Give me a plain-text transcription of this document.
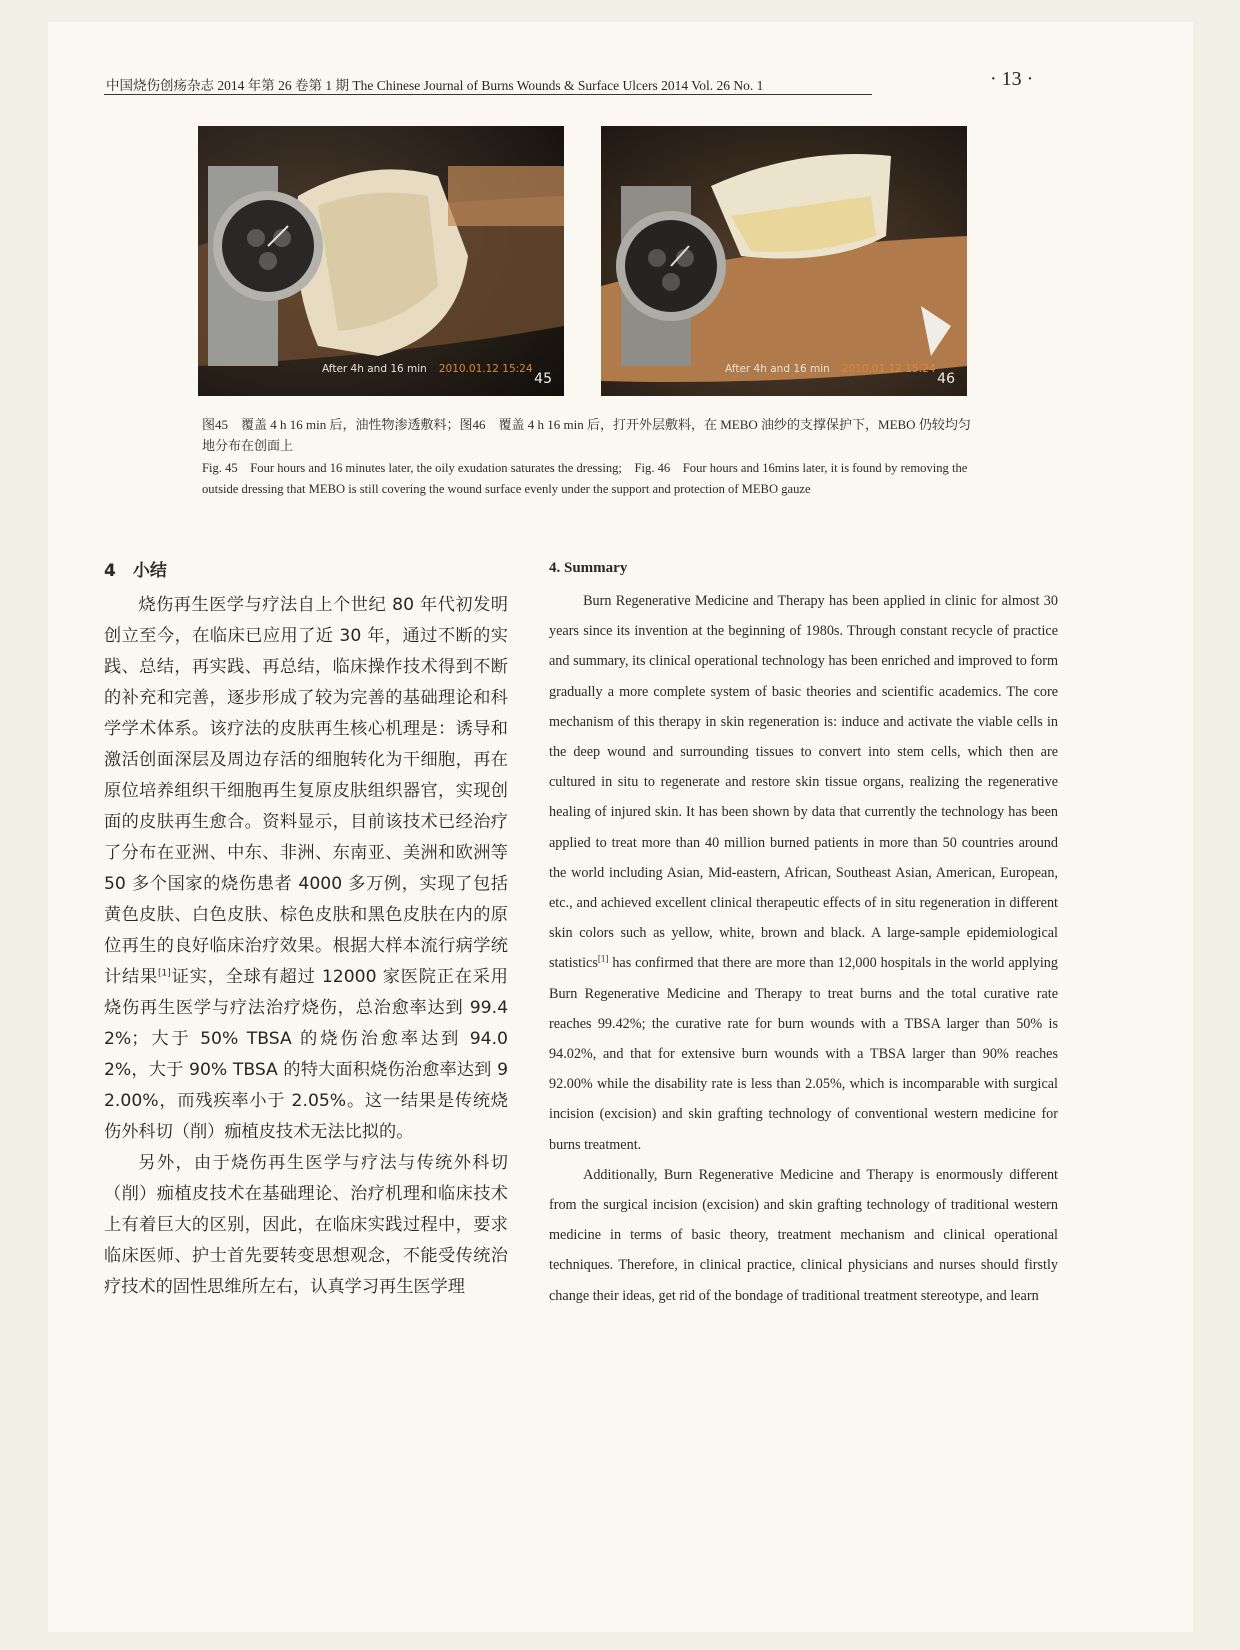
中国烧伤创疡杂志 2014 年第 26 卷第 1 期 The Chinese Journal of Burns Wounds & Surface Ulcers 2014 Vol. 26 No. 1	· 13 ·
After 4h and 16 min 2010.01.12 15:24
45
After 4h and 16 min 2010.01.12 15:24
46

图45　覆盖 4 h 16 min 后，油性物渗透敷料；图46　覆盖 4 h 16 min 后，打开外层敷料，在 MEBO 油纱的支撑保护下，MEBO 仍较均匀地分布在创面上

Fig. 45　Four hours and 16 minutes later, the oily exudation saturates the dressing;　Fig. 46　Four hours and 16mins later, it is found by removing the outside dressing that MEBO is still covering the wound surface evenly under the support and protection of MEBO gauze

4　小结

烧伤再生医学与疗法自上个世纪 80 年代初发明创立至今，在临床已应用了近 30 年，通过不断的实践、总结，再实践、再总结，临床操作技术得到不断的补充和完善，逐步形成了较为完善的基础理论和科学学术体系。该疗法的皮肤再生核心机理是：诱导和激活创面深层及周边存活的细胞转化为干细胞，再在原位培养组织干细胞再生复原皮肤组织器官，实现创面的皮肤再生愈合。资料显示，目前该技术已经治疗了分布在亚洲、中东、非洲、东南亚、美洲和欧洲等 50 多个国家的烧伤患者 4000 多万例，实现了包括黄色皮肤、白色皮肤、棕色皮肤和黑色皮肤在内的原位再生的良好临床治疗效果。根据大样本流行病学统计结果[1]证实，全球有超过 12000 家医院正在采用烧伤再生医学与疗法治疗烧伤，总治愈率达到 99.42%；大于 50% TBSA 的烧伤治愈率达到 94.02%，大于 90% TBSA 的特大面积烧伤治愈率达到 92.00%，而残疾率小于 2.05%。这一结果是传统烧伤外科切（削）痂植皮技术无法比拟的。

另外，由于烧伤再生医学与疗法与传统外科切（削）痂植皮技术在基础理论、治疗机理和临床技术上有着巨大的区别，因此，在临床实践过程中，要求临床医师、护士首先要转变思想观念，不能受传统治疗技术的固性思维所左右，认真学习再生医学理

4. Summary

Burn Regenerative Medicine and Therapy has been applied in clinic for almost 30 years since its invention at the beginning of 1980s. Through constant recycle of practice and summary, its clinical operational technology has been enriched and improved to form gradually a more complete system of basic theories and scientific academics. The core mechanism of this therapy in skin regeneration is: induce and activate the viable cells in the deep wound and surrounding tissues to convert into stem cells, which then are cultured in situ to regenerate and restore skin tissue organs, realizing the regenerative healing of injured skin. It has been shown by data that currently the technology has been applied to treat more than 40 million burned patients in more than 50 countries around the world including Asian, Mid-eastern, African, Southeast Asian, American, European, etc., and achieved excellent clinical therapeutic effects of in situ regeneration in different skin colors such as yellow, white, brown and black. A large-sample epidemiological statistics[1] has confirmed that there are more than 12,000 hospitals in the world applying Burn Regenerative Medicine and Therapy to treat burns and the total curative rate reaches 99.42%; the curative rate for burn wounds with a TBSA larger than 50% is 94.02%, and that for extensive burn wounds with a TBSA larger than 90% reaches 92.00% while the disability rate is less than 2.05%, which is incomparable with surgical incision (excision) and skin grafting technology of conventional western medicine for burns treatment.

Additionally, Burn Regenerative Medicine and Therapy is enormously different from the surgical incision (excision) and skin grafting technology of traditional western medicine in terms of basic theory, treatment mechanism and clinical operational techniques. Therefore, in clinical practice, clinical physicians and nurses should firstly change their ideas, get rid of the bondage of traditional treatment stereotype, and learn
